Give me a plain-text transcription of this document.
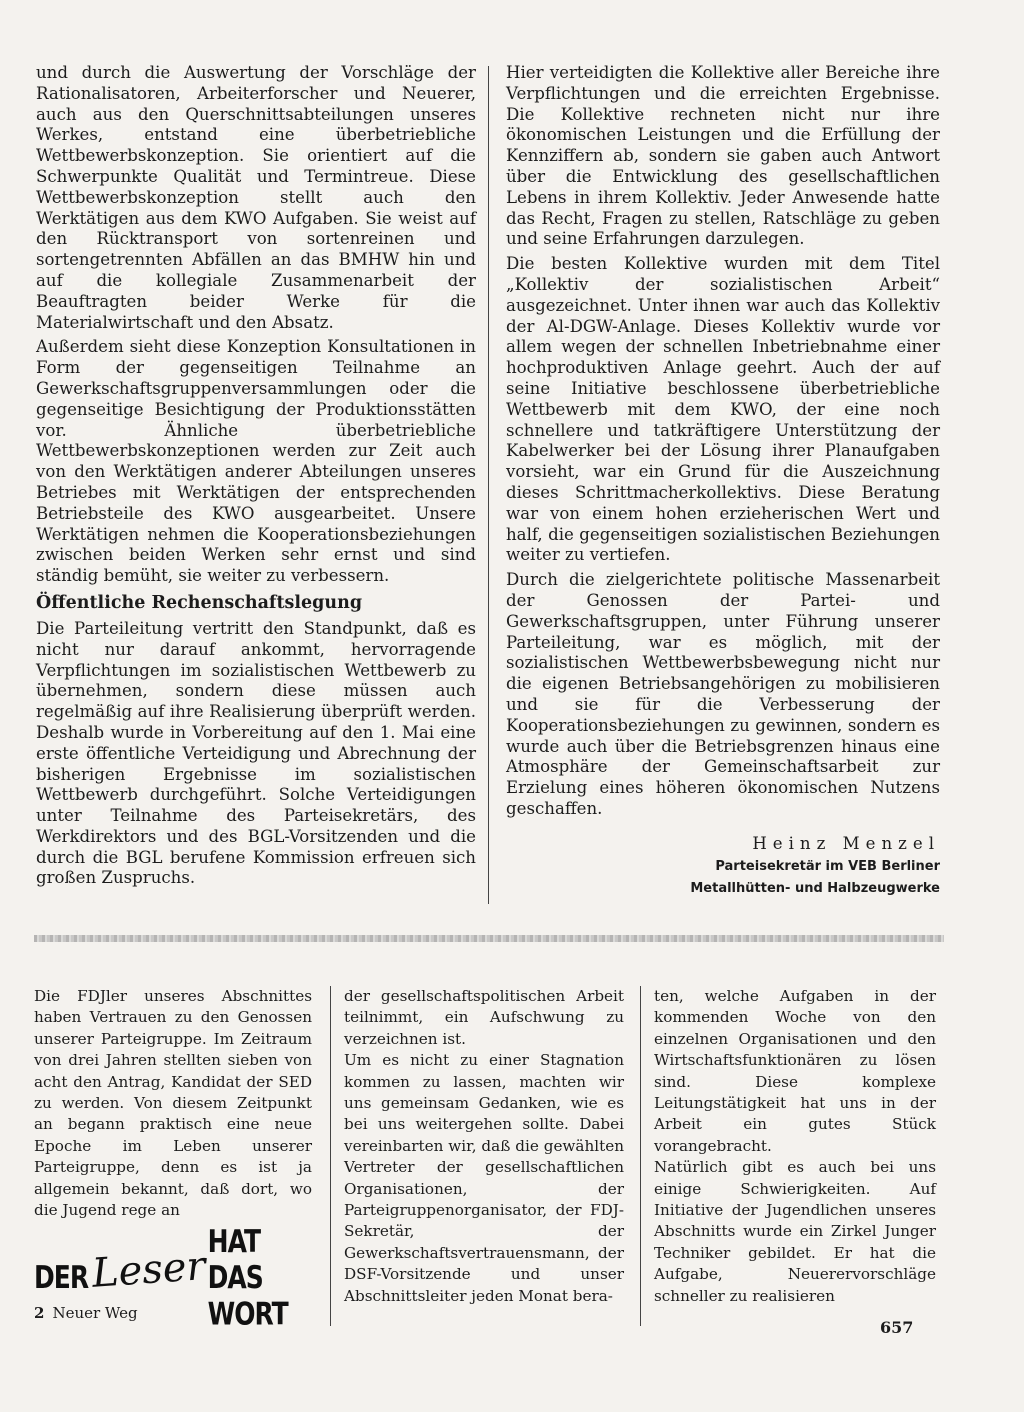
und durch die Auswertung der Vorschläge der Rationalisatoren, Arbeiterforscher und Neuerer, auch aus den Querschnittsabteilungen unseres Werkes, entstand eine überbetriebliche Wettbewerbskonzeption. Sie orientiert auf die Schwerpunkte Qualität und Termintreue. Diese Wettbewerbskonzeption stellt auch den Werktätigen aus dem KWO Aufgaben. Sie weist auf den Rücktransport von sortenreinen und sortengetrennten Abfällen an das BMHW hin und auf die kollegiale Zusammenarbeit der Beauftragten beider Werke für die Materialwirtschaft und den Absatz.

Außerdem sieht diese Konzeption Konsultationen in Form der gegenseitigen Teilnahme an Gewerkschaftsgruppenversammlungen oder die gegenseitige Besichtigung der Produktionsstätten vor. Ähnliche überbetriebliche Wettbewerbskonzeptionen werden zur Zeit auch von den Werktätigen anderer Abteilungen unseres Betriebes mit Werktätigen der entsprechenden Betriebsteile des KWO ausgearbeitet. Unsere Werktätigen nehmen die Kooperationsbeziehungen zwischen beiden Werken sehr ernst und sind ständig bemüht, sie weiter zu verbessern.

Öffentliche Rechenschaftslegung

Die Parteileitung vertritt den Standpunkt, daß es nicht nur darauf ankommt, hervorragende Verpflichtungen im sozialistischen Wettbewerb zu übernehmen, sondern diese müssen auch regelmäßig auf ihre Realisierung überprüft werden. Deshalb wurde in Vorbereitung auf den 1. Mai eine erste öffentliche Verteidigung und Abrechnung der bisherigen Ergebnisse im sozialistischen Wettbewerb durchgeführt. Solche Verteidigungen unter Teilnahme des Parteisekretärs, des Werkdirektors und des BGL-Vorsitzenden und die durch die BGL berufene Kommission erfreuen sich großen Zuspruchs.

Hier verteidigten die Kollektive aller Bereiche ihre Verpflichtungen und die erreichten Ergebnisse. Die Kollektive rechneten nicht nur ihre ökonomischen Leistungen und die Erfüllung der Kennziffern ab, sondern sie gaben auch Antwort über die Entwicklung des gesellschaftlichen Lebens in ihrem Kollektiv. Jeder Anwesende hatte das Recht, Fragen zu stellen, Ratschläge zu geben und seine Erfahrungen darzulegen.

Die besten Kollektive wurden mit dem Titel „Kollektiv der sozialistischen Arbeit“ ausgezeichnet. Unter ihnen war auch das Kollektiv der Al-DGW-Anlage. Dieses Kollektiv wurde vor allem wegen der schnellen Inbetriebnahme einer hochproduktiven Anlage geehrt. Auch der auf seine Initiative beschlossene überbetriebliche Wettbewerb mit dem KWO, der eine noch schnellere und tatkräftigere Unterstützung der Kabelwerker bei der Lösung ihrer Planaufgaben vorsieht, war ein Grund für die Auszeichnung dieses Schrittmacherkollektivs. Diese Beratung war von einem hohen erzieherischen Wert und half, die gegenseitigen sozialistischen Beziehungen weiter zu vertiefen.

Durch die zielgerichtete politische Massenarbeit der Genossen der Partei- und Gewerkschaftsgruppen, unter Führung unserer Parteileitung, war es möglich, mit der sozialistischen Wettbewerbsbewegung nicht nur die eigenen Betriebsangehörigen zu mobilisieren und sie für die Verbesserung der Kooperationsbeziehungen zu gewinnen, sondern es wurde auch über die Betriebsgrenzen hinaus eine Atmosphäre der Gemeinschaftsarbeit zur Erzielung eines höheren ökonomischen Nutzens geschaffen.

Heinz Menzel

Parteisekretär im VEB Berliner

Metallhütten- und Halbzeugwerke

Die FDJler unseres Abschnittes haben Vertrauen zu den Genossen unserer Parteigruppe. Im Zeitraum von drei Jahren stellten sieben von acht den Antrag, Kandidat der SED zu werden. Von diesem Zeitpunkt an begann praktisch eine neue Epoche im Leben unserer Parteigruppe, denn es ist ja allgemein bekannt, daß dort, wo die Jugend rege an

der gesellschaftspolitischen Arbeit teilnimmt, ein Aufschwung zu verzeichnen ist.

Um es nicht zu einer Stagnation kommen zu lassen, machten wir uns gemeinsam Gedanken, wie es bei uns weitergehen sollte. Dabei vereinbarten wir, daß die gewählten Vertreter der gesellschaftlichen Organisationen, der Parteigruppenorganisator, der FDJ-Sekretär, der Gewerkschaftsvertrauensmann, der DSF-Vorsitzende und unser Abschnittsleiter jeden Monat bera-

ten, welche Aufgaben in der kommenden Woche von den einzelnen Organisationen und den Wirtschaftsfunktionären zu lösen sind. Diese komplexe Leitungstätigkeit hat uns in der Arbeit ein gutes Stück vorangebracht.

Natürlich gibt es auch bei uns einige Schwierigkeiten. Auf Initiative der Jugendlichen unseres Abschnitts wurde ein Zirkel Junger Techniker gebildet. Er hat die Aufgabe, Neuerervorschläge schneller zu realisieren

DER Leser
HAT DAS WORT
2 Neuer Weg
657
